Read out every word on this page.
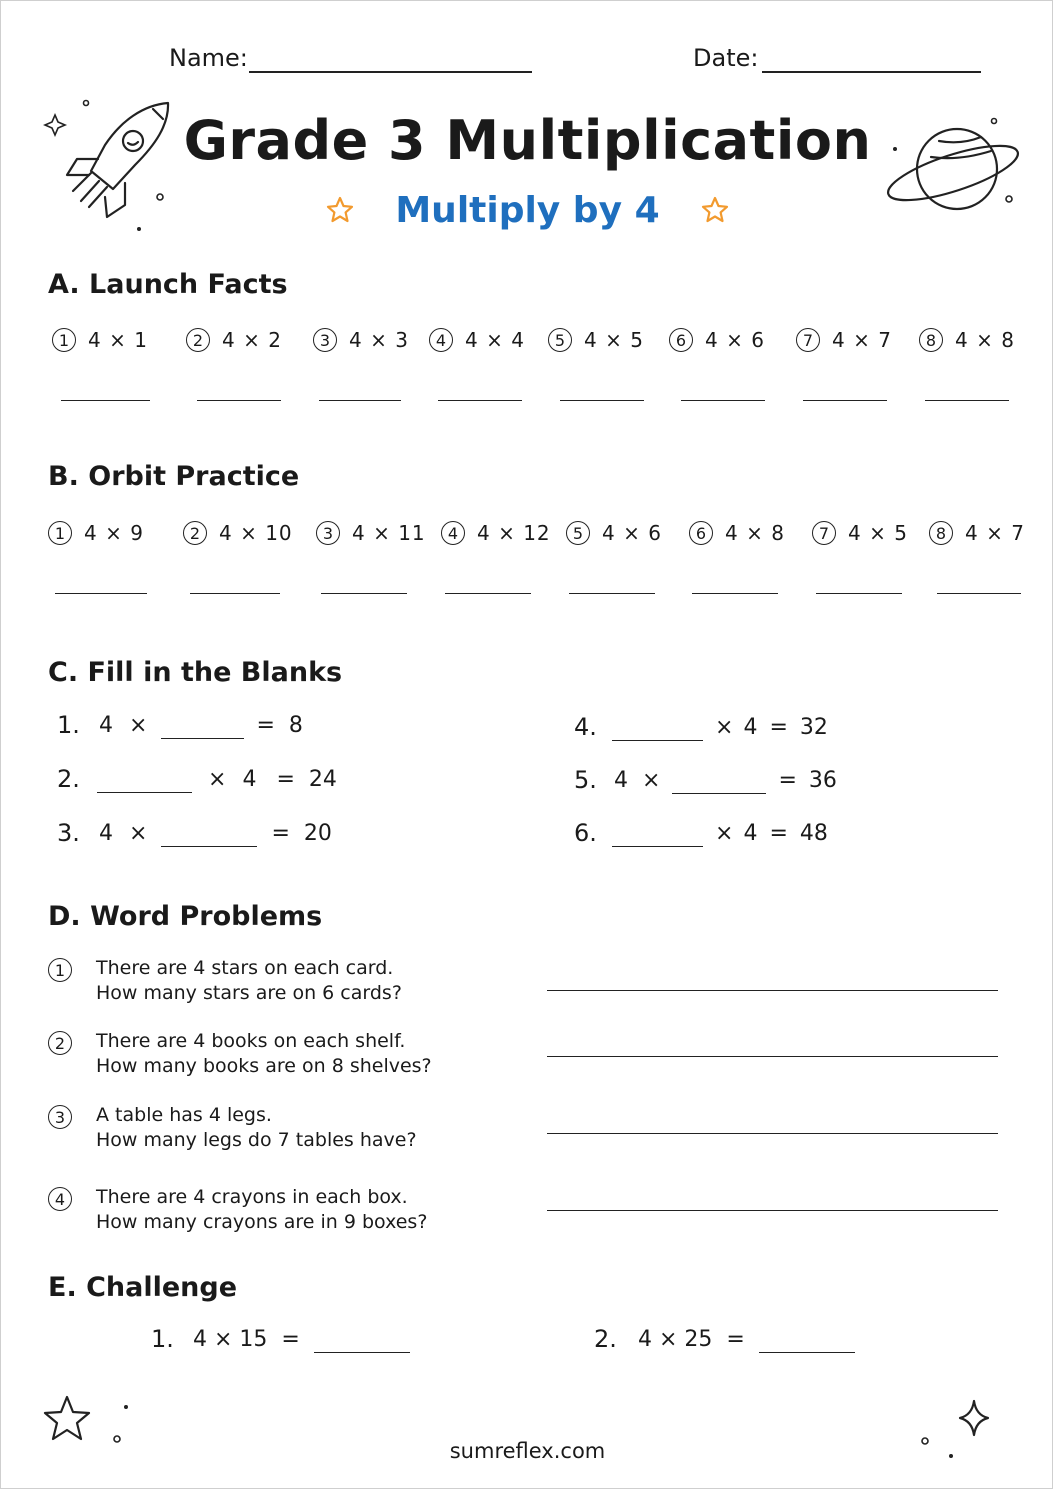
Name:	Date:
Grade 3 Multiplication
Multiply by 4
A. Launch Facts
1 4 × 1	2 4 × 2	3 4 × 3	4 4 × 4	5 4 × 5	6 4 × 6	7 4 × 7	8 4 × 8
B. Orbit Practice
1 4 × 9	2 4 × 10	3 4 × 11	4 4 × 12	5 4 × 6	6 4 × 8	7 4 × 5	8 4 × 7
C. Fill in the Blanks
1. 4 ×	= 8
2.	× 4 = 24
3. 4 ×	= 20
4.	× 4 = 32
5. 4 ×	= 36
6.	× 4 = 48
D. Word Problems
1	There are 4 stars on each card.
How many stars are on 6 cards?
2	There are 4 books on each shelf.
How many books are on 8 shelves?
3	A table has 4 legs.
How many legs do 7 tables have?
4	There are 4 crayons in each box.
How many crayons are in 9 boxes?
E. Challenge
1. 4 × 15 =	2. 4 × 25 =
sumreflex.com
